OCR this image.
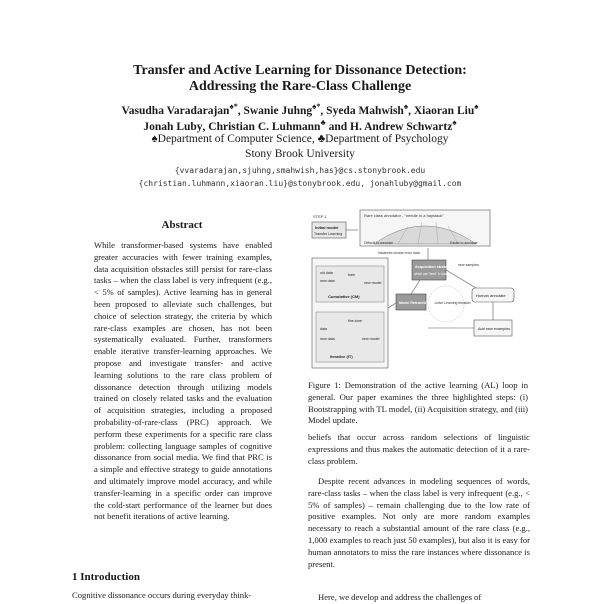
Transfer and Active Learning for Dissonance Detection:
Addressing the Rare-Class Challenge
Vasudha Varadarajan♠*, Swanie Juhng♠*, Syeda Mahwish♠, Xiaoran Liu♠
Jonah Luby, Christian C. Luhmann♣ and H. Andrew Schwartz♠
♠Department of Computer Science, ♣Department of Psychology
Stony Brook University
{vvaradarajan,sjuhng,smahwish,has}@cs.stonybrook.edu
{christian.luhmann,xiaoran.liu}@stonybrook.edu, jonahluby@gmail.com
Abstract
While transformer-based systems have enabled greater accuracies with fewer training examples, data acquisition obstacles still persist for rare-class tasks – when the class label is very infrequent (e.g., < 5% of samples). Active learning has in general been proposed to alleviate such challenges, but choice of selection strategy, the criteria by which rare-class examples are chosen, has not been systematically evaluated. Further, transformers enable iterative transfer-learning approaches. We propose and investigate transfer- and active learning solutions to the rare class problem of dissonance detection through utilizing models trained on closely related tasks and the evaluation of acquisition strategies, including a proposed probability-of-rare-class (PRC) approach. We perform these experiments for a specific rare class problem: collecting language samples of cognitive dissonance from social media. We find that PRC is a simple and effective strategy to guide annotations and ultimately improve model accuracy, and while transfer-learning in a specific order can improve the cold-start performance of the learner but does not benefit iterations of active learning.
1 Introduction
Cognitive dissonance occurs during everyday think-
STEP 1
Initial model
Transfer Learning
Rare class annotator - "needle in a haystack"
Difficult to annotate	Easier to annotate
Instances chosen from data
Acquisition strategy
which are "best" to label?
new samples
Human annotate
Add new examples
Active Learning Iteration
Model Retrain/Update
old data
new data
train
new model
Cumulative (CM)
fine-tune
data
new data	new model
Iterative (IT)
Figure 1: Demonstration of the active learning (AL) loop in general. Our paper examines the three highlighted steps: (i) Bootstrapping with TL model, (ii) Acquisition strategy, and (iii) Model update.
beliefs that occur across random selections of linguistic expressions and thus makes the automatic detection of it a rare-class problem.
Despite recent advances in modeling sequences of words, rare-class tasks – when the class label is very infrequent (e.g., < 5% of samples) – remain challenging due to the low rate of positive examples. Not only are more random examples necessary to reach a substantial amount of the rare class (e.g., 1,000 examples to reach just 50 examples), but also it is easy for human annotators to miss the rare instances where dissonance is present.
Here, we develop and address the challenges of
